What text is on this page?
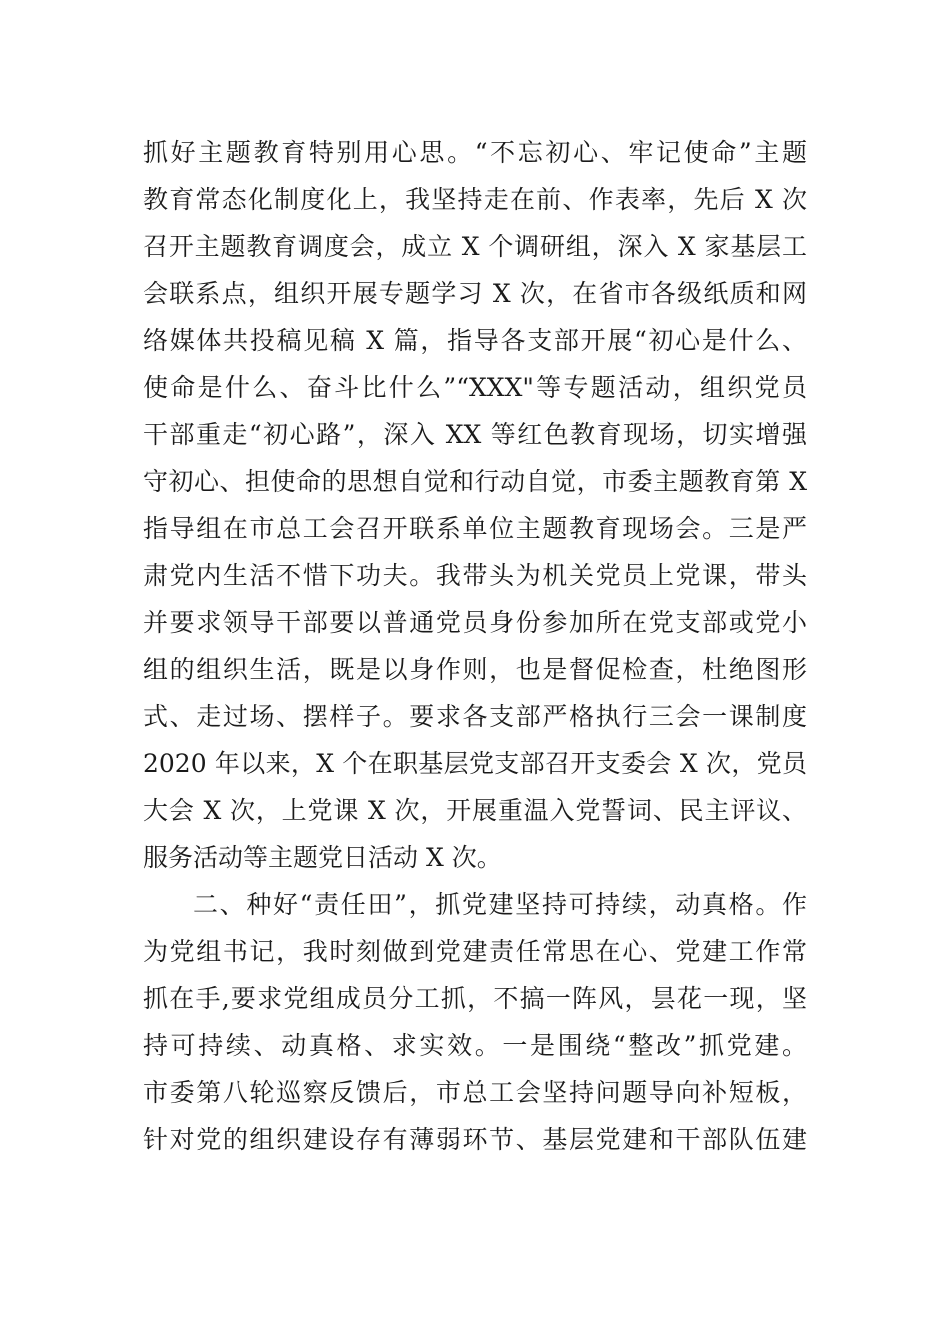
抓好主题教育特别用心思。“不忘初心、牢记使命”主题
教育常态化制度化上，我坚持走在前、作表率，先后 X 次
召开主题教育调度会，成立 X 个调研组，深入 X 家基层工
会联系点，组织开展专题学习 X 次，在省市各级纸质和网
络媒体共投稿见稿 X 篇，指导各支部开展“初心是什么、
使命是什么、奋斗比什么”“XXX"等专题活动，组织党员
干部重走“初心路”，深入 XX 等红色教育现场，切实增强
守初心、担使命的思想自觉和行动自觉，市委主题教育第 X
指导组在市总工会召开联系单位主题教育现场会。三是严
肃党内生活不惜下功夫。我带头为机关党员上党课，带头
并要求领导干部要以普通党员身份参加所在党支部或党小
组的组织生活，既是以身作则，也是督促检查，杜绝图形
式、走过场、摆样子。要求各支部严格执行三会一课制度
2020 年以来，X 个在职基层党支部召开支委会 X 次，党员
大会 X 次，上党课 X 次，开展重温入党誓词、民主评议、
服务活动等主题党日活动 X 次。
二、种好“责任田”，抓党建坚持可持续，动真格。作
为党组书记，我时刻做到党建责任常思在心、党建工作常
抓在手,要求党组成员分工抓，不搞一阵风，昙花一现，坚
持可持续、动真格、求实效。一是围绕“整改”抓党建。
市委第八轮巡察反馈后，市总工会坚持问题导向补短板，
针对党的组织建设存有薄弱环节、基层党建和干部队伍建
